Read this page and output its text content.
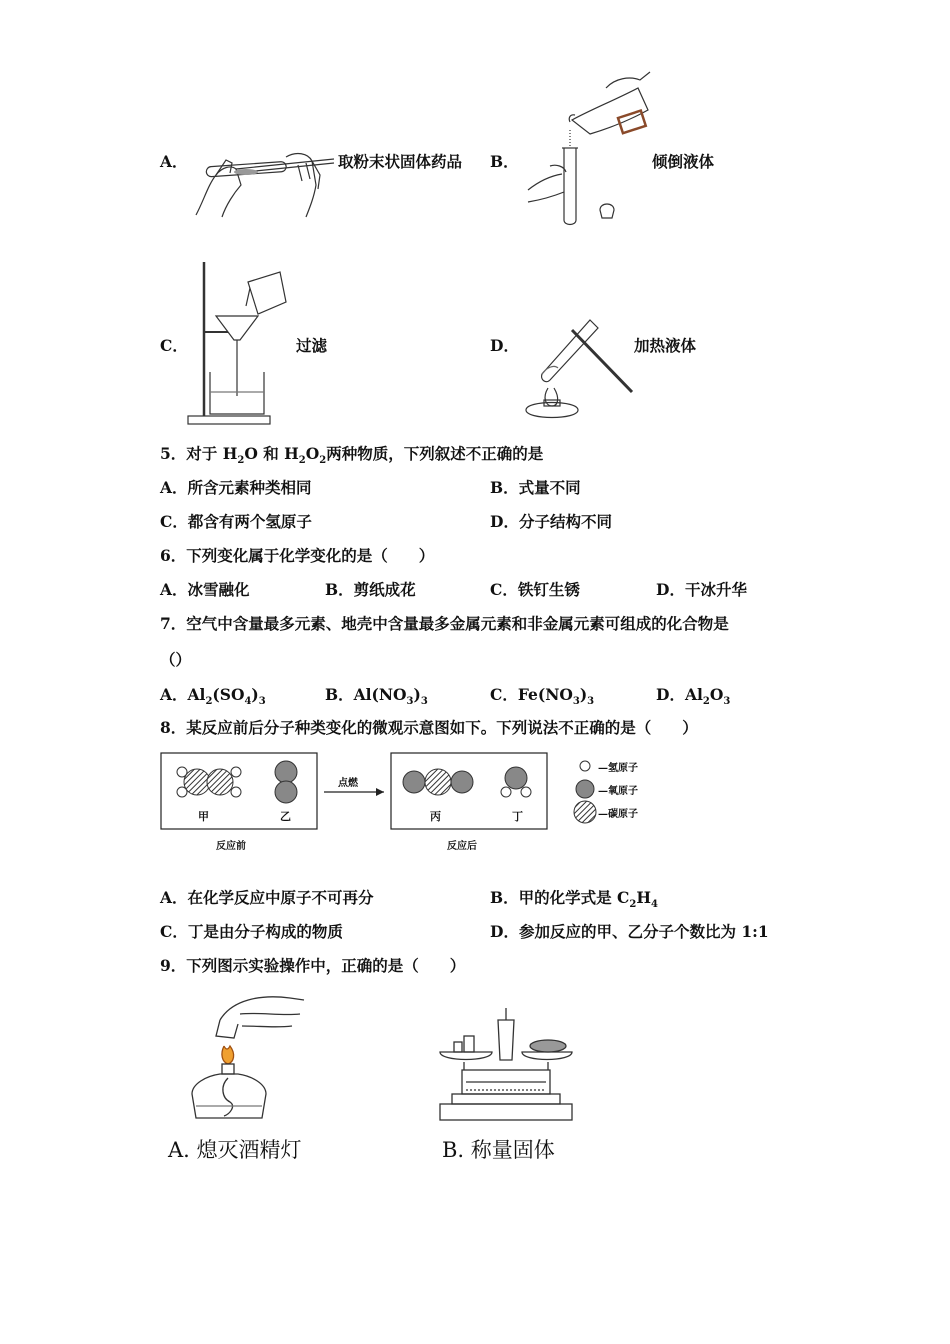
A．	取粉末状固体药品 B．	倾倒液体
C．	过滤	D．	加热液体
5．对于 $H_2O$ 和 $H_2O_2$两种物质，下列叙述不正确的是
A．所含元素种类相同	B．式量不同
C．都含有两个氢原子	D．分子结构不同
6．下列变化属于化学变化的是（　　）
A．冰雪融化	B．剪纸成花	C．铁钉生锈	D．干冰升华
7．空气中含量最多元素、地壳中含量最多金属元素和非金属元素可组成的化合物是
（）
A．$Al_2(SO_4)_3$	B．$Al(NO_3)_3$	C．$Fe(NO_3)_3$	D．$Al_2O_3$
8．某反应前后分子种类变化的微观示意图如下。下列说法不正确的是（　　）
甲	乙
点燃
丙	丁
反应前	反应后
—氢原子
—氧原子
—碳原子
A．在化学反应中原子不可再分	B．甲的化学式是 $C_2H_4$
C．丁是由分子构成的物质	D．参加反应的甲、乙分子个数比为 1:1
9．下列图示实验操作中，正确的是（　　）
A. 熄灭酒精灯	B. 称量固体
